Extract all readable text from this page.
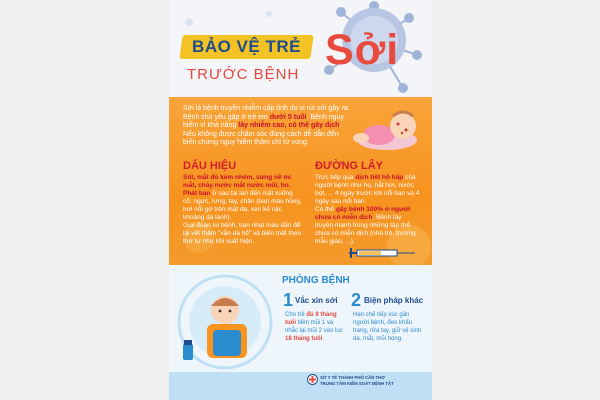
BẢO VỆ TRẺ
TRƯỚC BỆNH
Sởi
Sởi là bệnh truyền nhiễm cấp tính do vi rút sởi gây ra. Bệnh chủ yếu gặp ở trẻ em dưới 5 tuổi. Bệnh nguy hiểm vì khả năng lây nhiễm cao, có thể gây dịch. Nếu không được chăm sóc đúng cách dễ dẫn đến biến chứng nguy hiểm thậm chí tử vong.
DẤU HIỆU
Sốt, mắt đỏ kèm nhèm, sưng nề mi mắt, chảy nước mắt nước mũi, ho.
Phát ban ở sau tai lan đến mặt xuống cổ, ngực, lưng, tay, chân (ban màu hồng, hơi nổi gờ trên mặt da, xen kẽ các khoảng da lành).
Giai đoạn lui bệnh, ban nhạt màu dần để lại vết thâm "vằn da hổ" và biến mất theo thứ tự như khi xuất hiện.
ĐƯỜNG LÂY
Trực tiếp qua dịch tiết hô hấp của người bệnh như ho, hắt hơi, nước bọt, ... 4 ngày trước khi nổi ban và 4 ngày sau nổi ban.
Có thể gây bệnh 100% ở người chưa có miễn dịch. Bệnh lây truyền mạnh trong những tập thể chưa có miễn dịch (nhà trẻ, trường mẫu giáo, ...).
PHÒNG BỆNH
1 Vắc xin sởi
Cho trẻ đủ 9 tháng tuổi tiêm mũi 1 và nhắc lại mũi 2 vào lúc 18 tháng tuổi.
2 Biện pháp khác
Hạn chế tiếp xúc gần người bệnh, đeo khẩu trang, rửa tay, giữ vệ sinh da, mắt, mũi họng.
SỞ Y TẾ THÀNH PHỐ CẦN THƠ
TRUNG TÂM KIỂM SOÁT BỆNH TẬT
